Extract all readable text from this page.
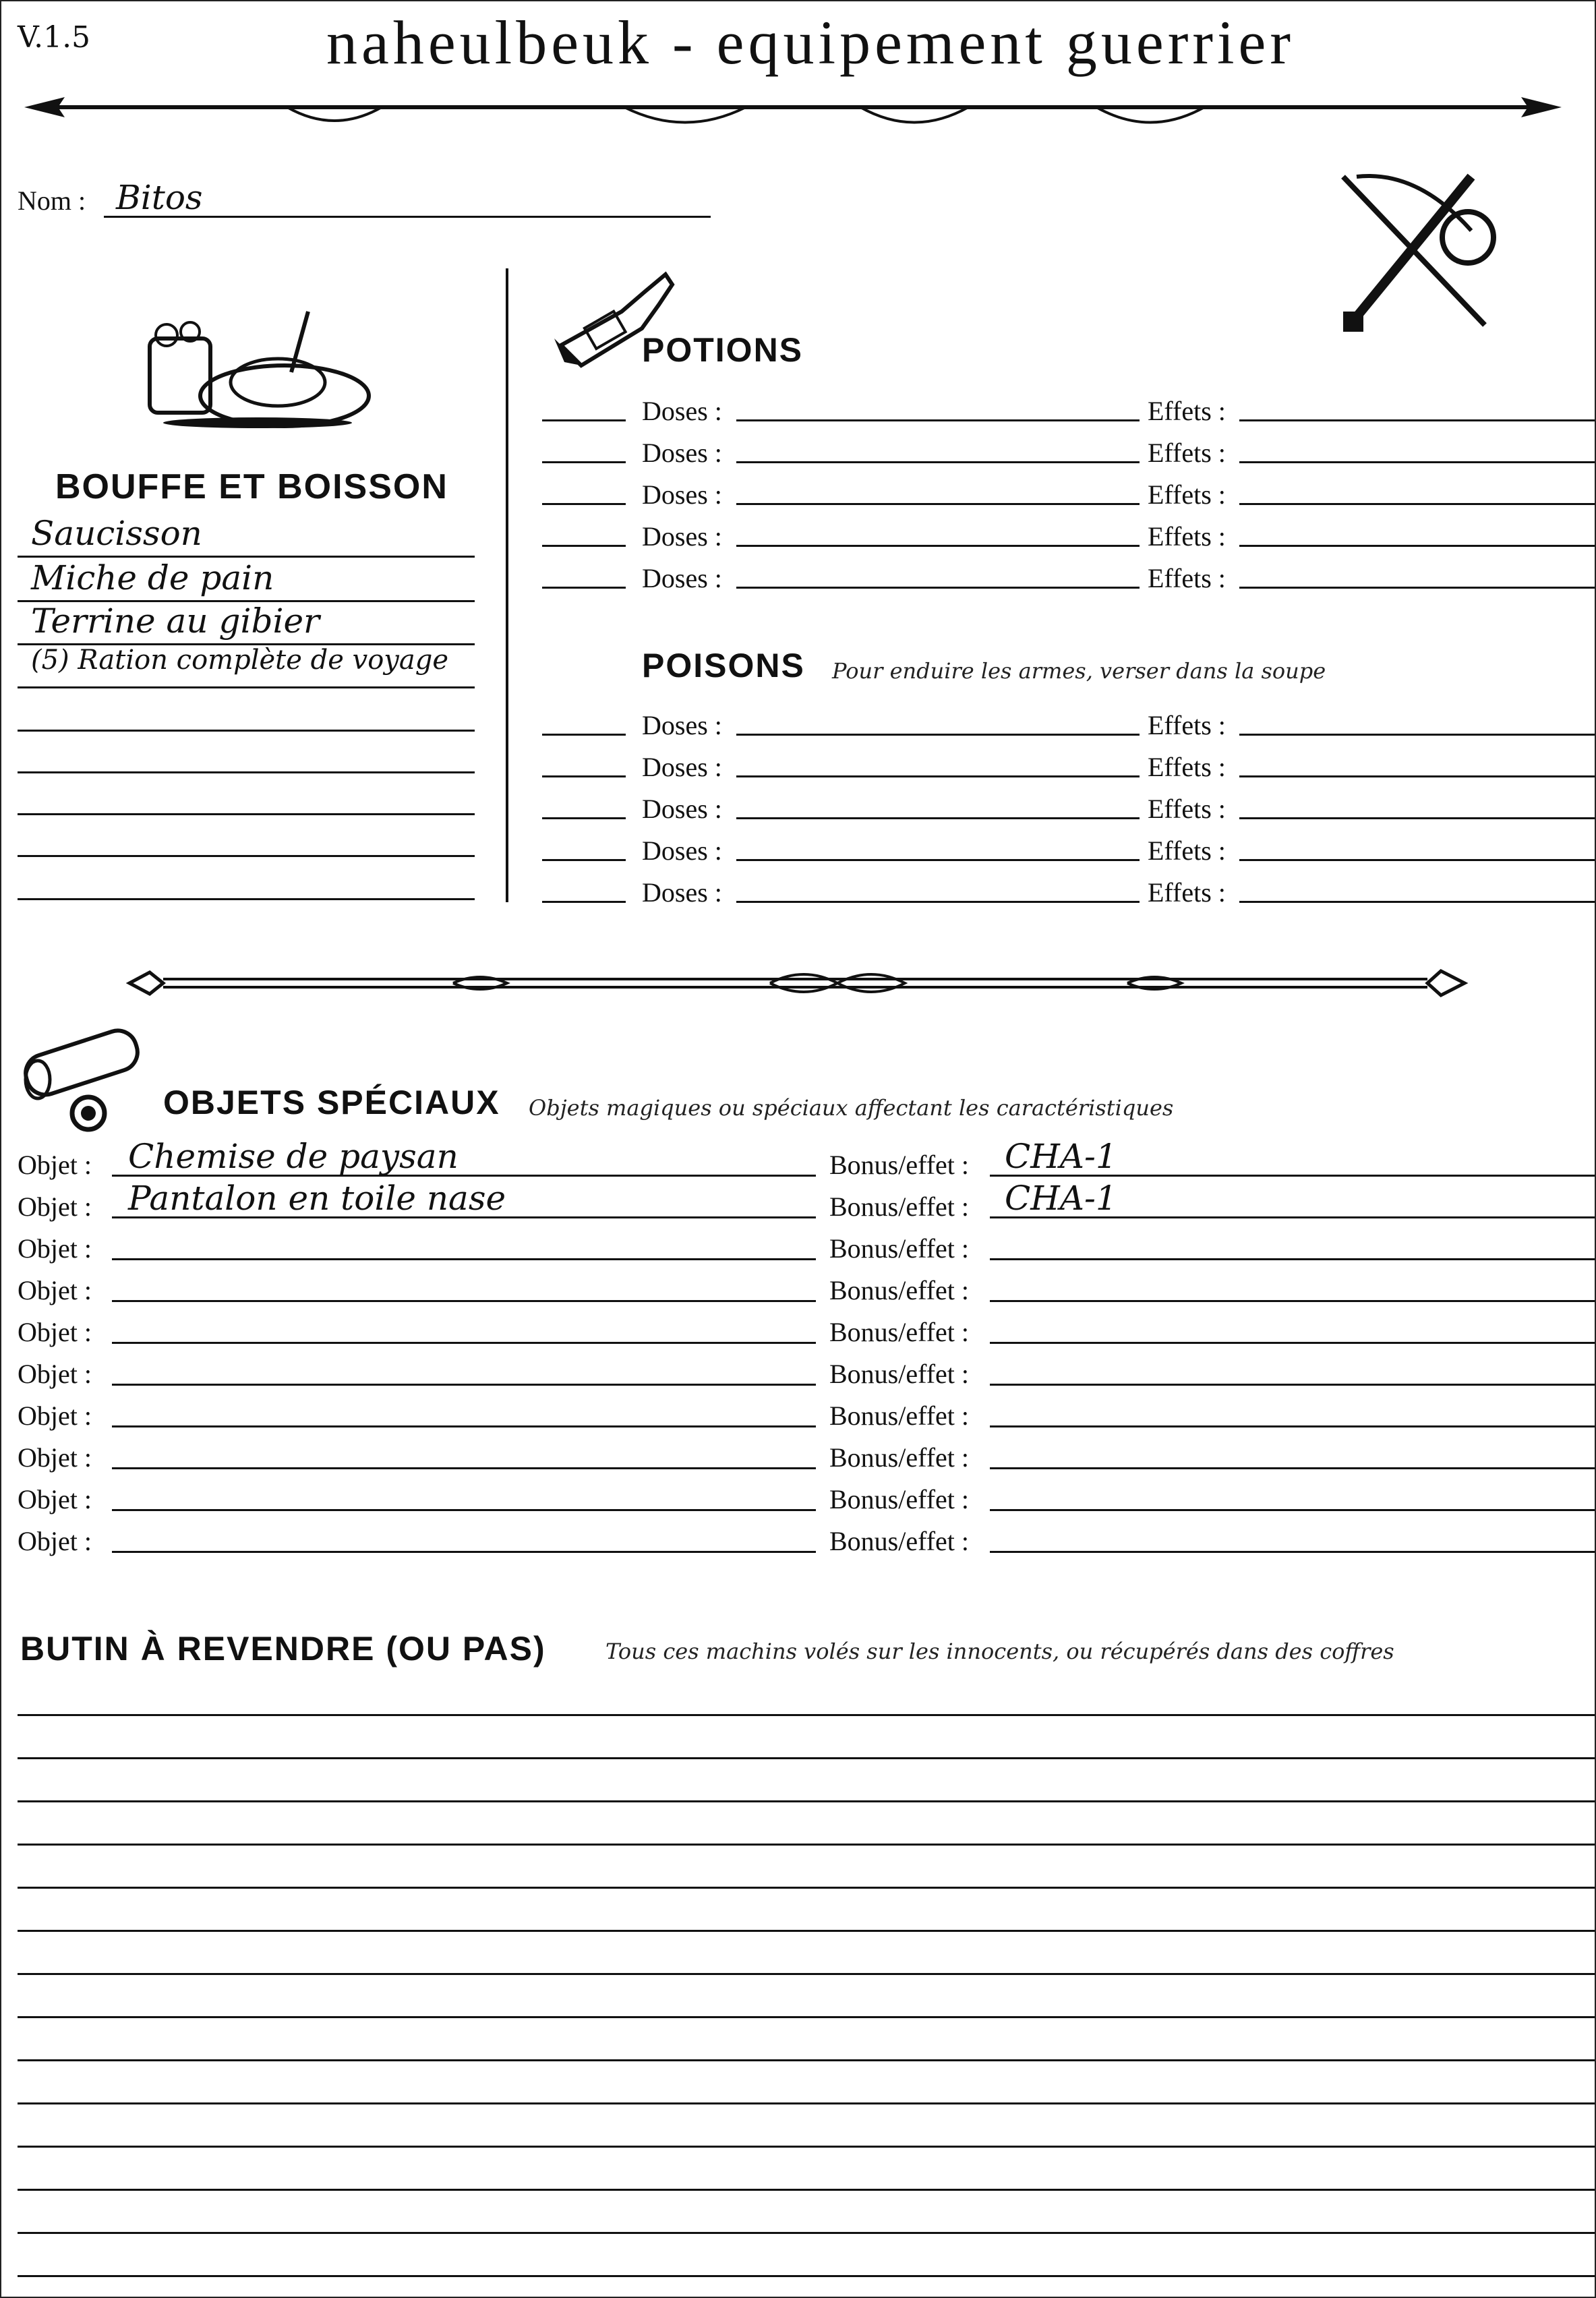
V.1.5	naheulbeuk - equipement guerrier
Nom : Bitos
BOUFFE ET BOISSON
Saucisson
Miche de pain
Terrine au gibier
(5) Ration complète de voyage
POTIONS
Doses :	Effets :
Doses :	Effets :
Doses :	Effets :
Doses :	Effets :
Doses :	Effets :
POISONS Pour enduire les armes, verser dans la soupe
Doses :	Effets :
Doses :	Effets :
Doses :	Effets :
Doses :	Effets :
Doses :	Effets :
OBJETS SPÉCIAUX Objets magiques ou spéciaux affectant les caractéristiques
Objet : Chemise de paysan	Bonus/effet : CHA-1
Objet : Pantalon en toile nase	Bonus/effet : CHA-1
Objet :	Bonus/effet :
Objet :	Bonus/effet :
Objet :	Bonus/effet :
Objet :	Bonus/effet :
Objet :	Bonus/effet :
Objet :	Bonus/effet :
Objet :	Bonus/effet :
Objet :	Bonus/effet :
BUTIN À REVENDRE (OU PAS)	Tous ces machins volés sur les innocents, ou récupérés dans des coffres
